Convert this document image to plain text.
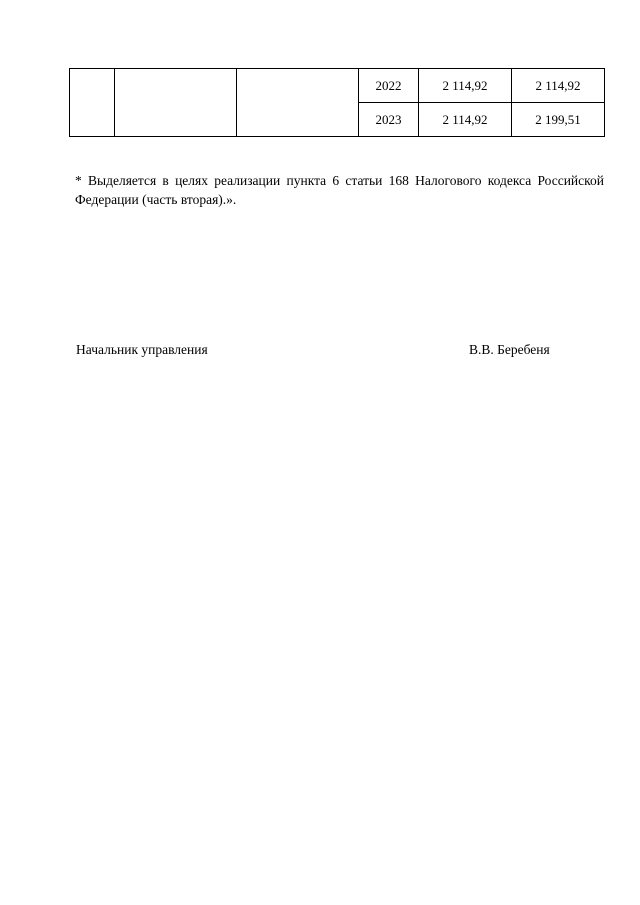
			2022	2 114,92	2 114,92
			2023	2 114,92	2 199,51

* Выделяется в целях реализации пункта 6 статьи 168 Налогового кодекса Российской Федерации (часть вторая).».

Начальник управления	В.В. Беребеня
